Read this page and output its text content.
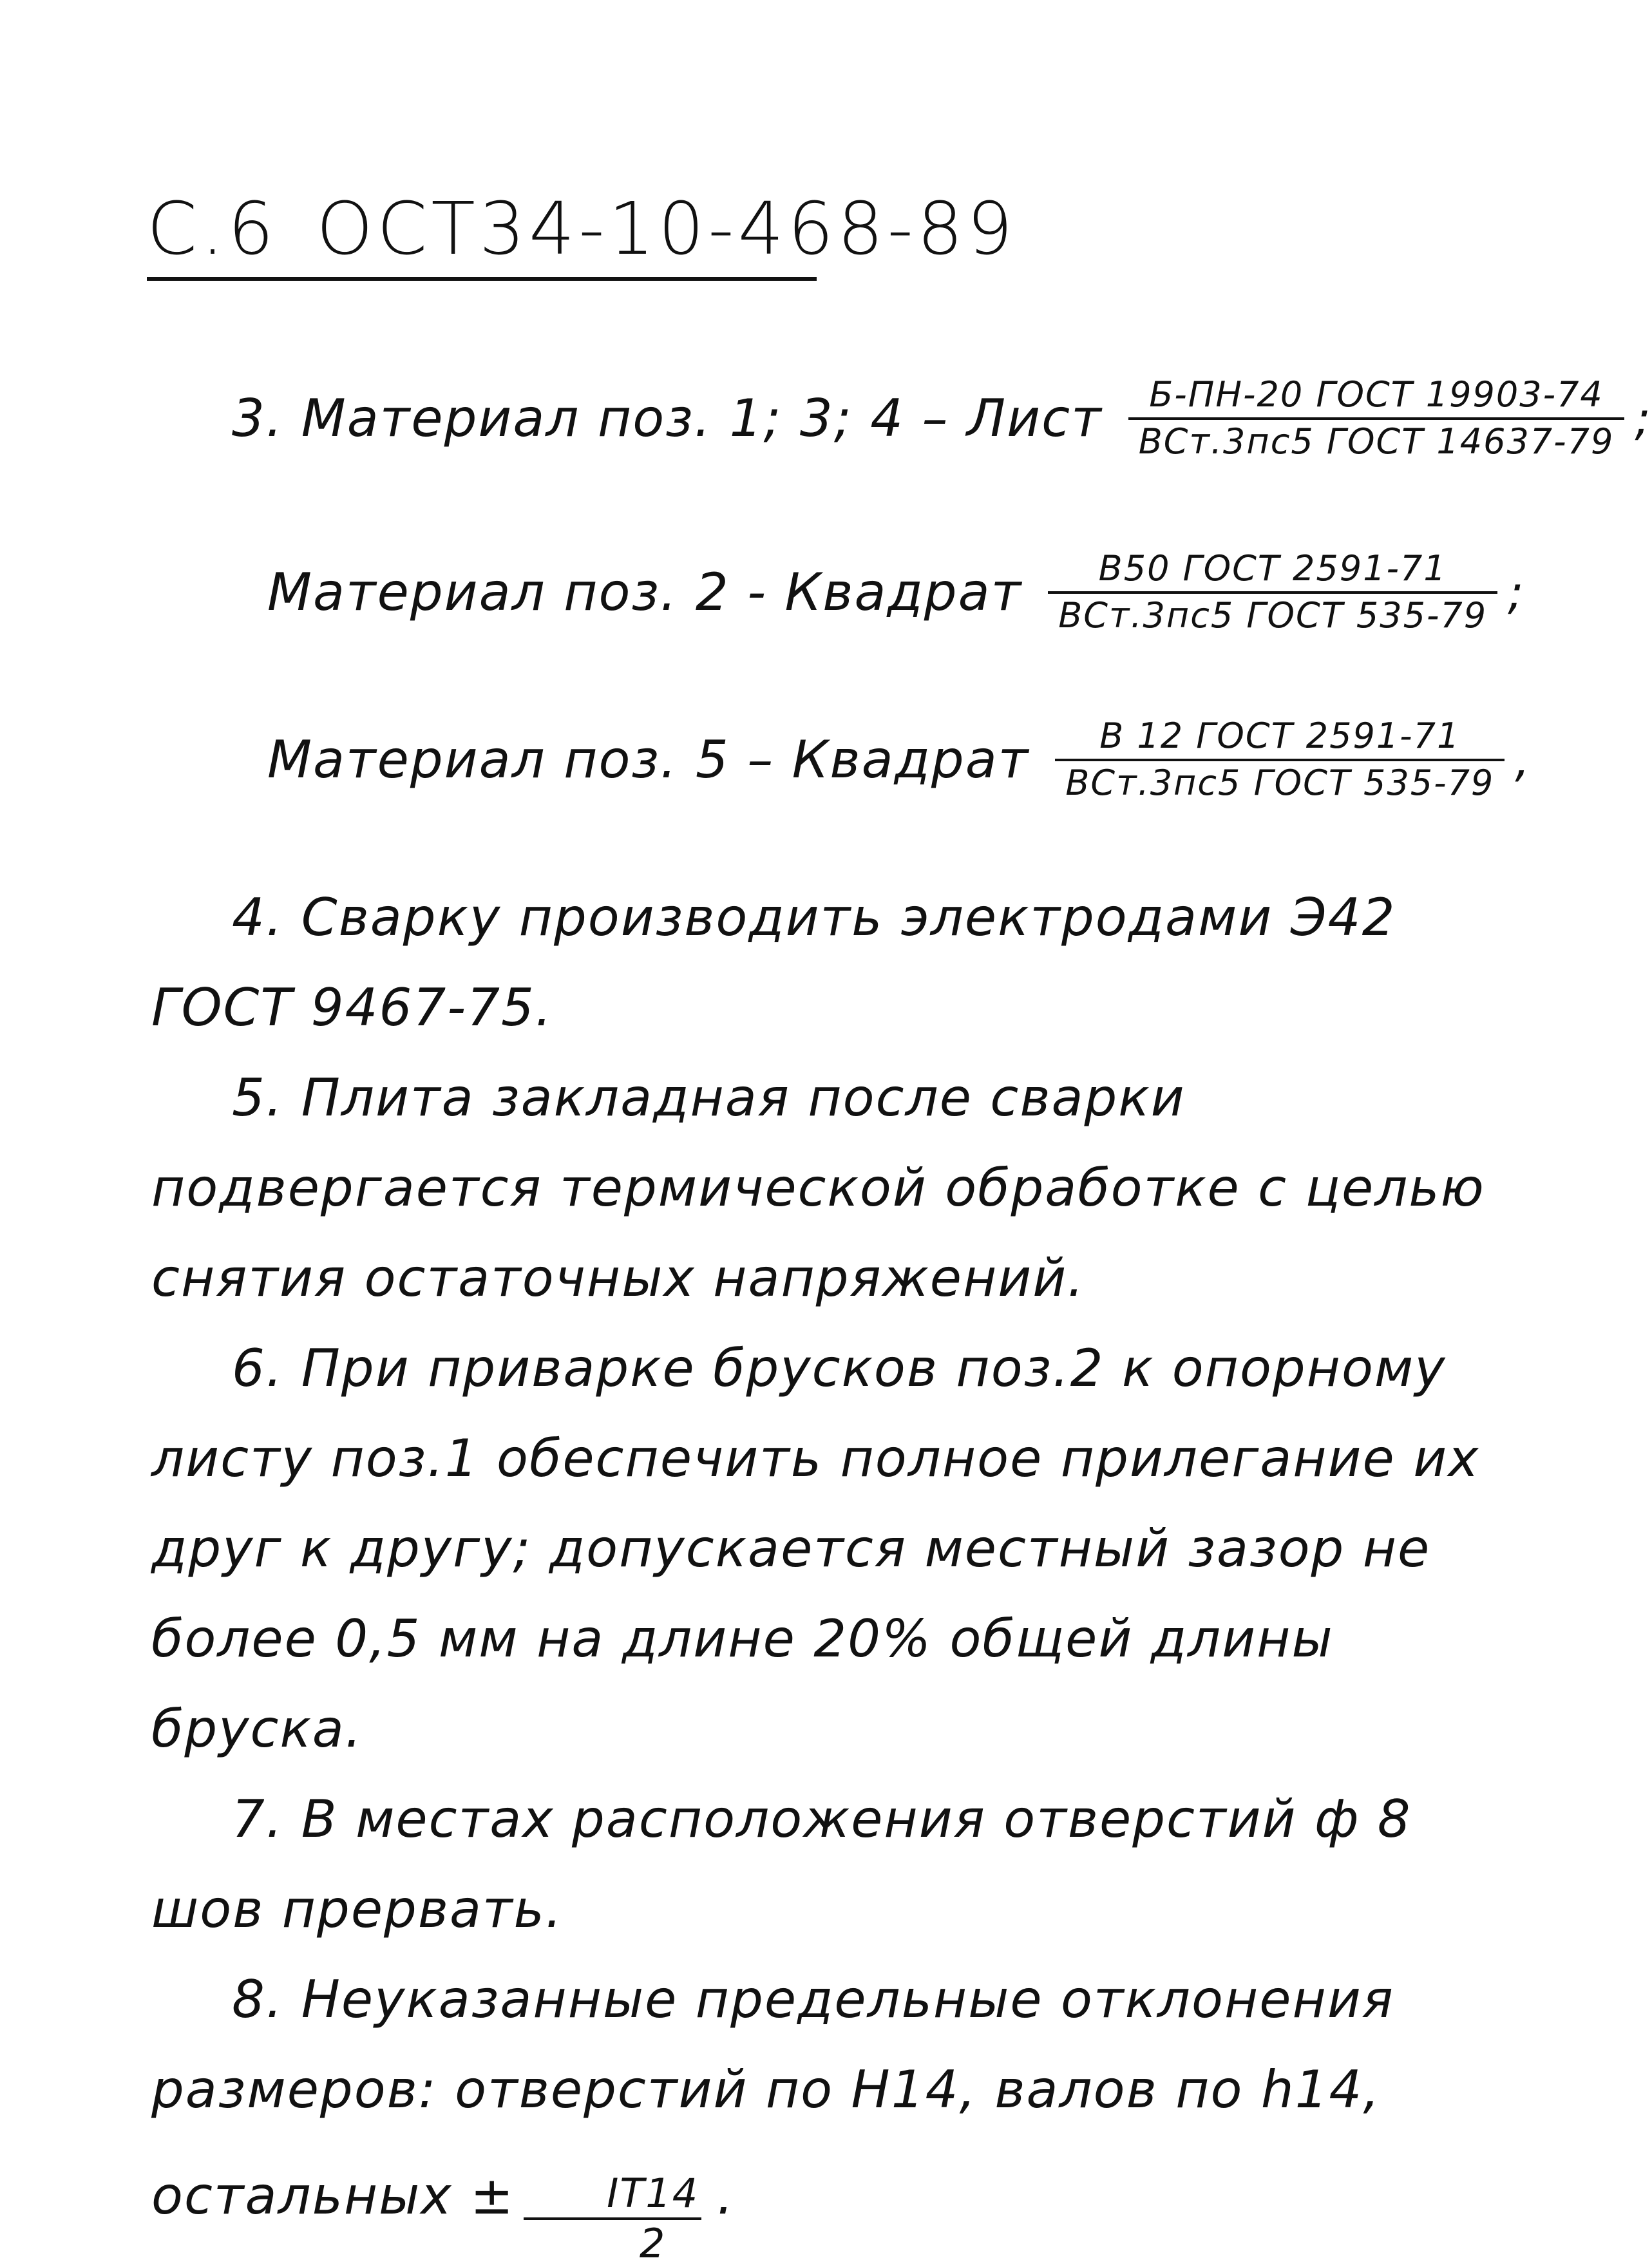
С.6 ОСТ34-10-468-89
3. Материал поз. 1; 3; 4 – Лист $\frac{\text{Б-ПН-20 ГОСТ 19903-74}}{\text{ВСт.3пс5 ГОСТ 14637-79}}$ ;
Материал поз. 2 - Квадрат $\frac{\text{В50 ГОСТ 2591-71}}{\text{ВСт.3пс5 ГОСТ 535-79}}$ ;
Материал поз. 5 – Квадрат $\frac{\text{В 12 ГОСТ 2591-71}}{\text{ВСт.3пс5 ГОСТ 535-79}}$ ,

4. Сварку производить электродами Э42 ГОСТ 9467-75.

5. Плита закладная после сварки подвергается термической обработке с целью снятия остаточных напряжений.

6. При приварке брусков поз.2 к опорному листу поз.1 обеспечить полное прилегание их друг к другу; допускается местный зазор не более 0,5 мм на длине 20% общей длины бруска.

7. В местах расположения отверстий ф 8 шов прервать.

8. Неуказанные предельные отклонения размеров: отверстий по H14, валов по h14, остальных ± $\frac{IT14}{2}$ .
